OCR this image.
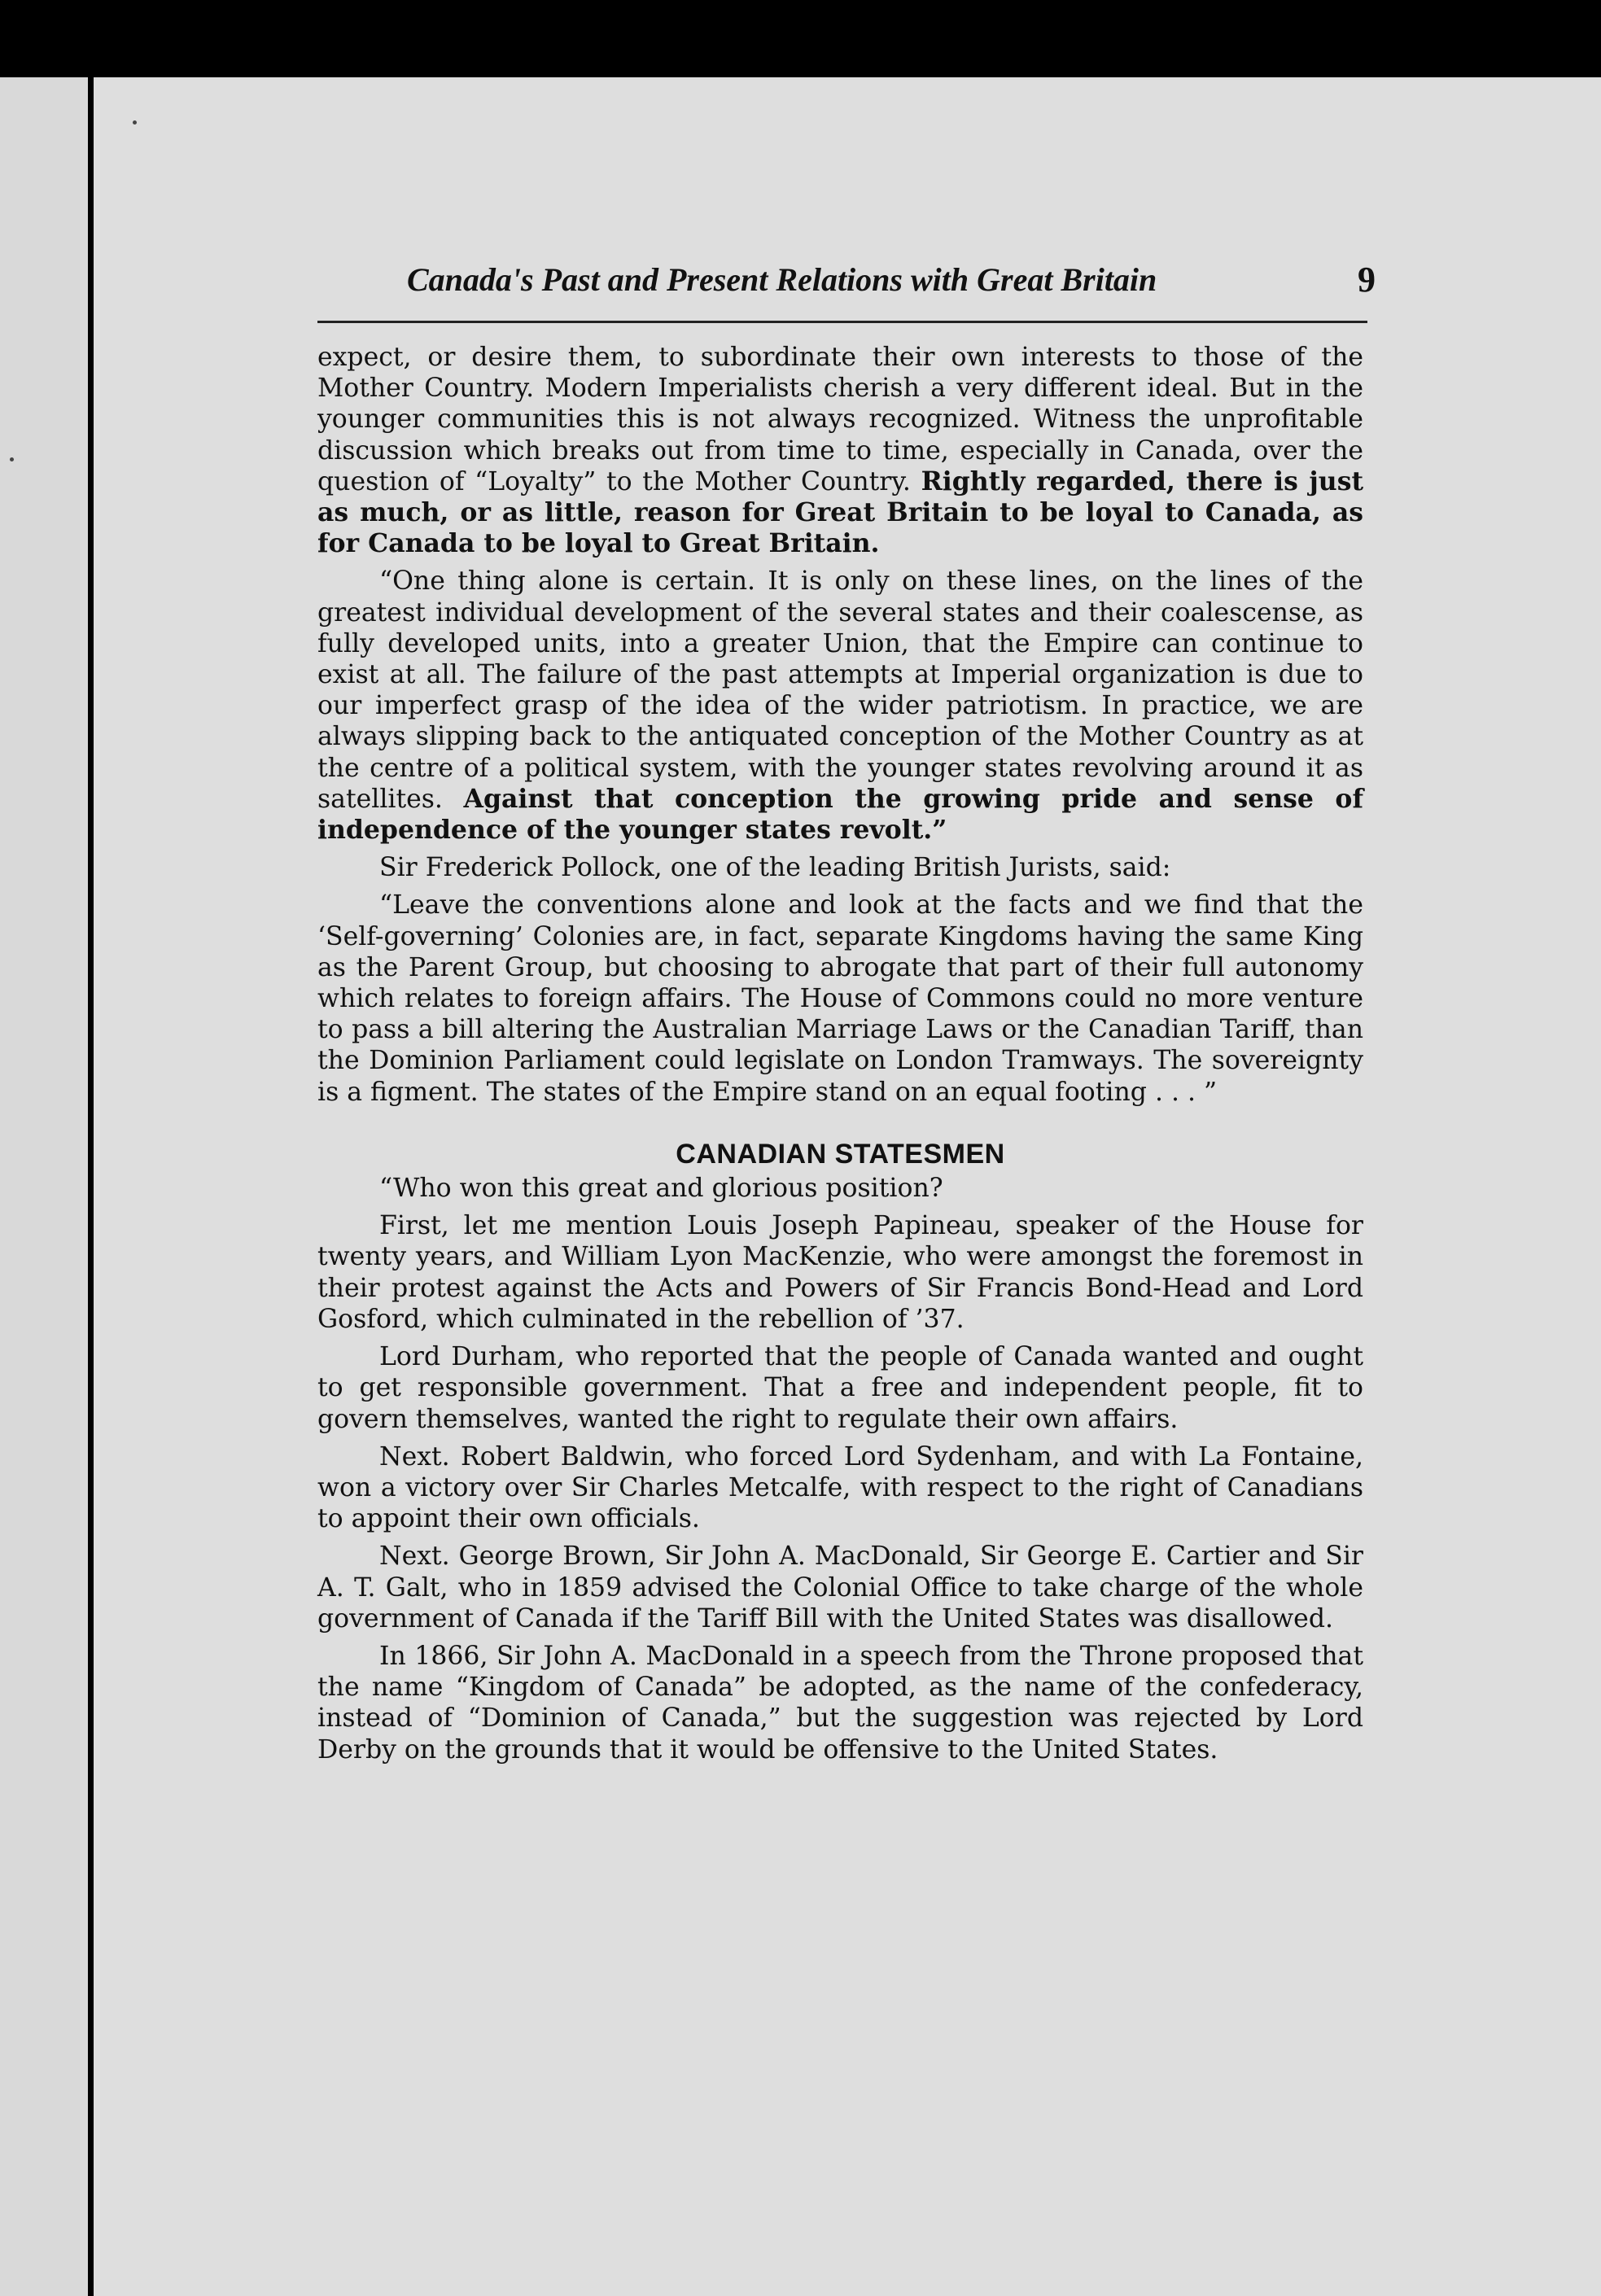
Canada's Past and Present Relations with Great Britain	9

expect, or desire them, to subordinate their own interests to those of the Mother Country. Modern Imperialists cherish a very different ideal. But in the younger communities this is not always recognized. Witness the unprofitable discussion which breaks out from time to time, especially in Canada, over the question of “Loyalty” to the Mother Country. Rightly regarded, there is just as much, or as little, reason for Great Britain to be loyal to Canada, as for Canada to be loyal to Great Britain.

“One thing alone is certain. It is only on these lines, on the lines of the greatest individual development of the several states and their coalescense, as fully developed units, into a greater Union, that the Empire can continue to exist at all. The failure of the past attempts at Imperial organization is due to our imperfect grasp of the idea of the wider patriotism. In practice, we are always slipping back to the antiquated conception of the Mother Country as at the centre of a political system, with the younger states revolving around it as satellites. Against that conception the growing pride and sense of independence of the younger states revolt.”

Sir Frederick Pollock, one of the leading British Jurists, said:

“Leave the conventions alone and look at the facts and we find that the ‘Self-governing’ Colonies are, in fact, separate Kingdoms having the same King as the Parent Group, but choosing to abrogate that part of their full autonomy which relates to foreign affairs. The House of Commons could no more venture to pass a bill altering the Australian Marriage Laws or the Canadian Tariff, than the Dominion Parliament could legislate on London Tramways. The sovereignty is a figment. The states of the Empire stand on an equal footing . . . ”

CANADIAN STATESMEN

“Who won this great and glorious position?

First, let me mention Louis Joseph Papineau, speaker of the House for twenty years, and William Lyon MacKenzie, who were amongst the foremost in their protest against the Acts and Powers of Sir Francis Bond-Head and Lord Gosford, which culminated in the rebellion of ’37.

Lord Durham, who reported that the people of Canada wanted and ought to get responsible government. That a free and independent people, fit to govern themselves, wanted the right to regulate their own affairs.

Next. Robert Baldwin, who forced Lord Sydenham, and with La Fontaine, won a victory over Sir Charles Metcalfe, with respect to the right of Canadians to appoint their own officials.

Next. George Brown, Sir John A. MacDonald, Sir George E. Cartier and Sir A. T. Galt, who in 1859 advised the Colonial Office to take charge of the whole government of Canada if the Tariff Bill with the United States was disallowed.

In 1866, Sir John A. MacDonald in a speech from the Throne proposed that the name “Kingdom of Canada” be adopted, as the name of the confederacy, instead of “Dominion of Canada,” but the suggestion was rejected by Lord Derby on the grounds that it would be offensive to the United States.
